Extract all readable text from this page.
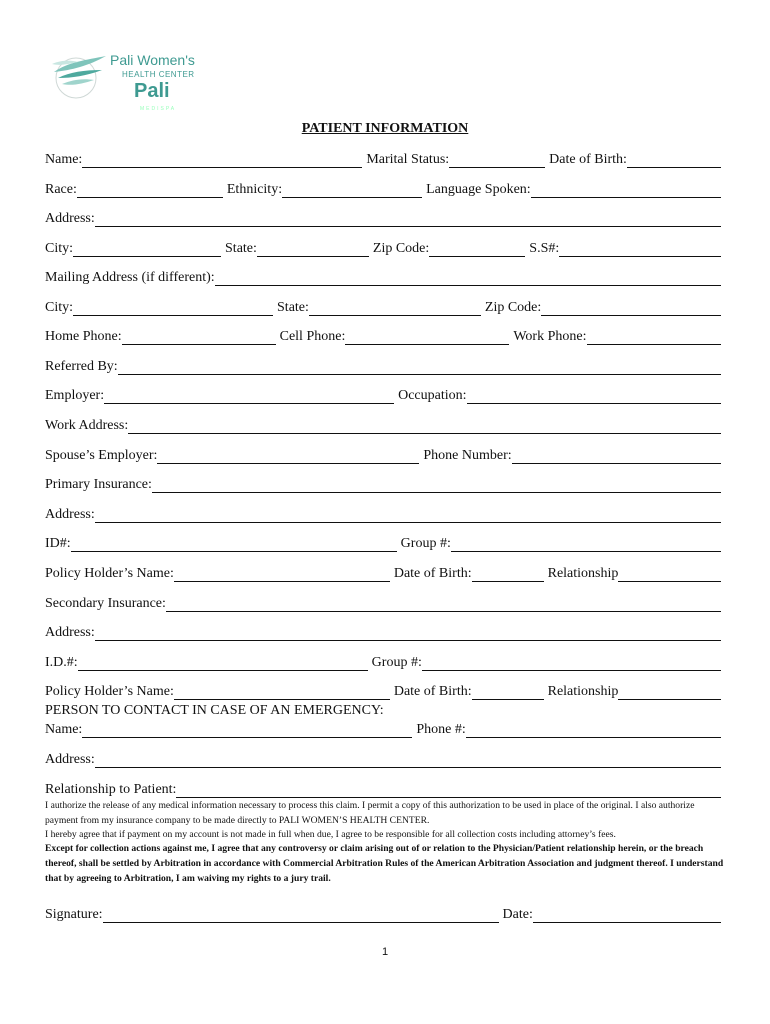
Pali Women's
HEALTH CENTER
Pali
MEDISPA
PATIENT INFORMATION
Name:	Marital Status:	Date of Birth:
Race:	Ethnicity:	Language Spoken:
Address:
City:	State:	Zip Code:	S.S#:
Mailing Address (if different):
City:	State:	Zip Code:
Home Phone:	Cell Phone:	Work Phone:
Referred By:
Employer:	Occupation:
Work Address:
Spouse’s Employer:	Phone Number:
Primary Insurance:
Address:
ID#:	Group #:
Policy Holder’s Name:	Date of Birth:	Relationship
Secondary Insurance:
Address:
I.D.#:	Group #:
Policy Holder’s Name:	Date of Birth:	Relationship
PERSON TO CONTACT IN CASE OF AN EMERGENCY:
Name:	Phone #:
Address:
Relationship to Patient:
I authorize the release of any medical information necessary to process this claim. I permit a copy of this authorization to be used in place of the original. I also authorize payment from my insurance company to be made directly to PALI WOMEN’S HEALTH CENTER.
I hereby agree that if payment on my account is not made in full when due, I agree to be responsible for all collection costs including attorney’s fees.
Except for collection actions against me, I agree that any controversy or claim arising out of or relation to the Physician/Patient relationship herein, or the breach thereof, shall be settled by Arbitration in accordance with Commercial Arbitration Rules of the American Arbitration Association and judgment thereof. I understand that by agreeing to Arbitration, I am waiving my rights to a jury trail.
Signature:	Date:
1
